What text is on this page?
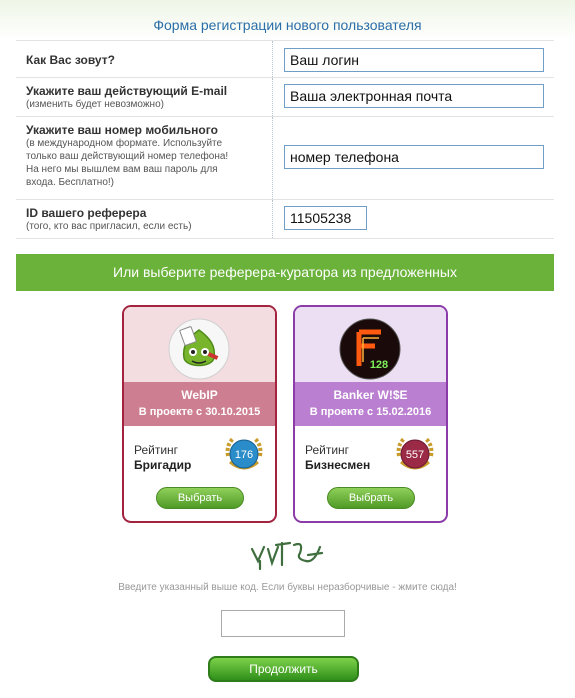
Форма регистрации нового пользователя
Как Вас зовут?
Ваш логин
Укажите ваш действующий E-mail
(изменить будет невозможно)
Ваша электронная почта
Укажите ваш номер мобильного
(в международном формате. Используйте
только ваш действующий номер телефона!
На него мы вышлем вам ваш пароль для
входа. Бесплатно!)
номер телефона
ID вашего реферера
(того, кто вас пригласил, если есть)
11505238
Или выберите реферера-куратора из предложенных
WebIP
В проекте с 30.10.2015
Рейтинг
Бригадир
176
Выбрать
128
Banker W!$E
В проекте с 15.02.2016
Рейтинг
Бизнесмен
557
Выбрать
Введите указанный выше код. Если буквы неразборчивые - жмите сюда!
Продолжить
